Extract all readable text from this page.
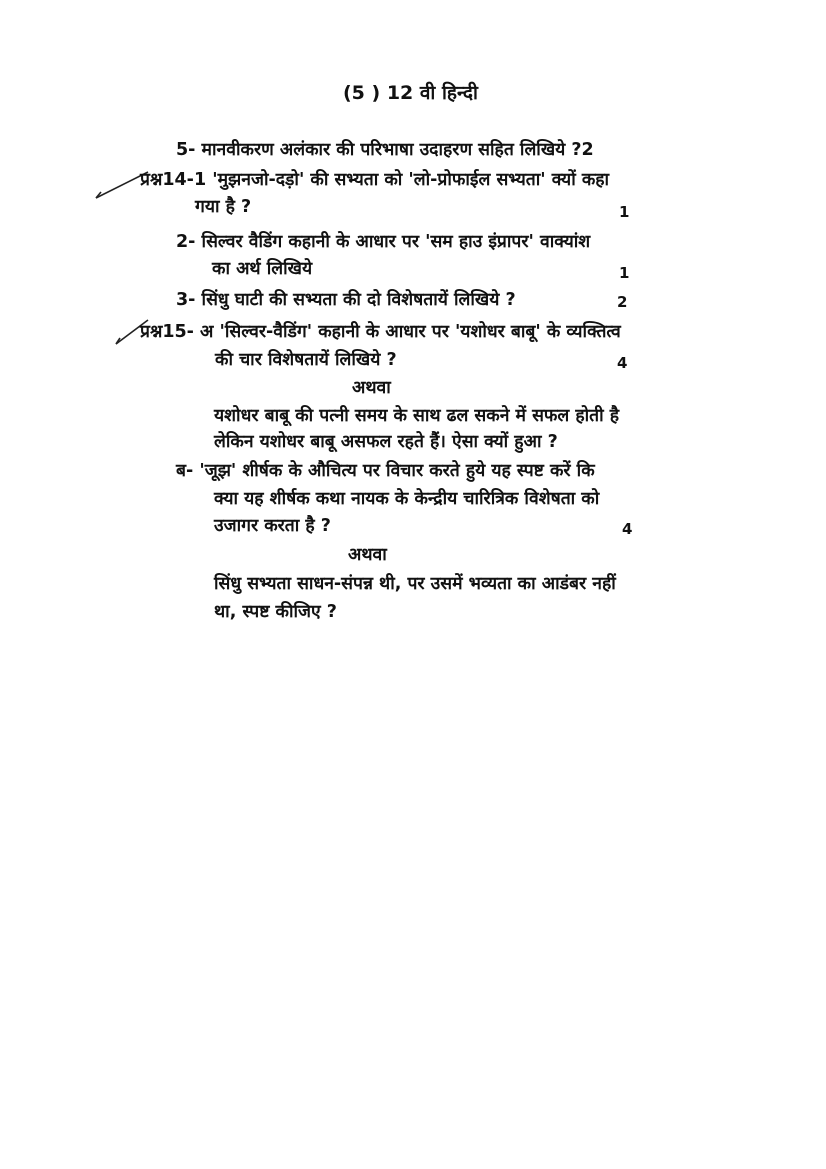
(5 ) 12 वी हिन्दी
5- मानवीकरण अलंकार की परिभाषा उदाहरण सहित लिखिये ?2
प्रश्न14-1 'मुझनजो-दड़ो' की सभ्यता को 'लो-प्रोफाईल सभ्यता' क्यों कहा
गया है ?	1
2- सिल्वर वैडिंग कहानी के आधार पर 'सम हाउ इंप्रापर' वाक्यांश
का अर्थ लिखिये	1
3- सिंधु घाटी की सभ्यता की दो विशेषतायें लिखिये ?	2
प्रश्न15- अ 'सिल्वर-वैडिंग' कहानी के आधार पर 'यशोधर बाबू' के व्यक्तित्व
की चार विशेषतायें लिखिये ?	4
अथवा
यशोधर बाबू की पत्नी समय के साथ ढल सकने में सफल होती है
लेकिन यशोधर बाबू असफल रहते हैं। ऐसा क्यों हुआ ?
ब- 'जूझ' शीर्षक के औचित्य पर विचार करते हुये यह स्पष्ट करें कि
क्या यह शीर्षक कथा नायक के केन्द्रीय चारित्रिक विशेषता को
उजागर करता है ?	4
अथवा
सिंधु सभ्यता साधन-संपन्न थी, पर उसमें भव्यता का आडंबर नहीं
था, स्पष्ट कीजिए ?
